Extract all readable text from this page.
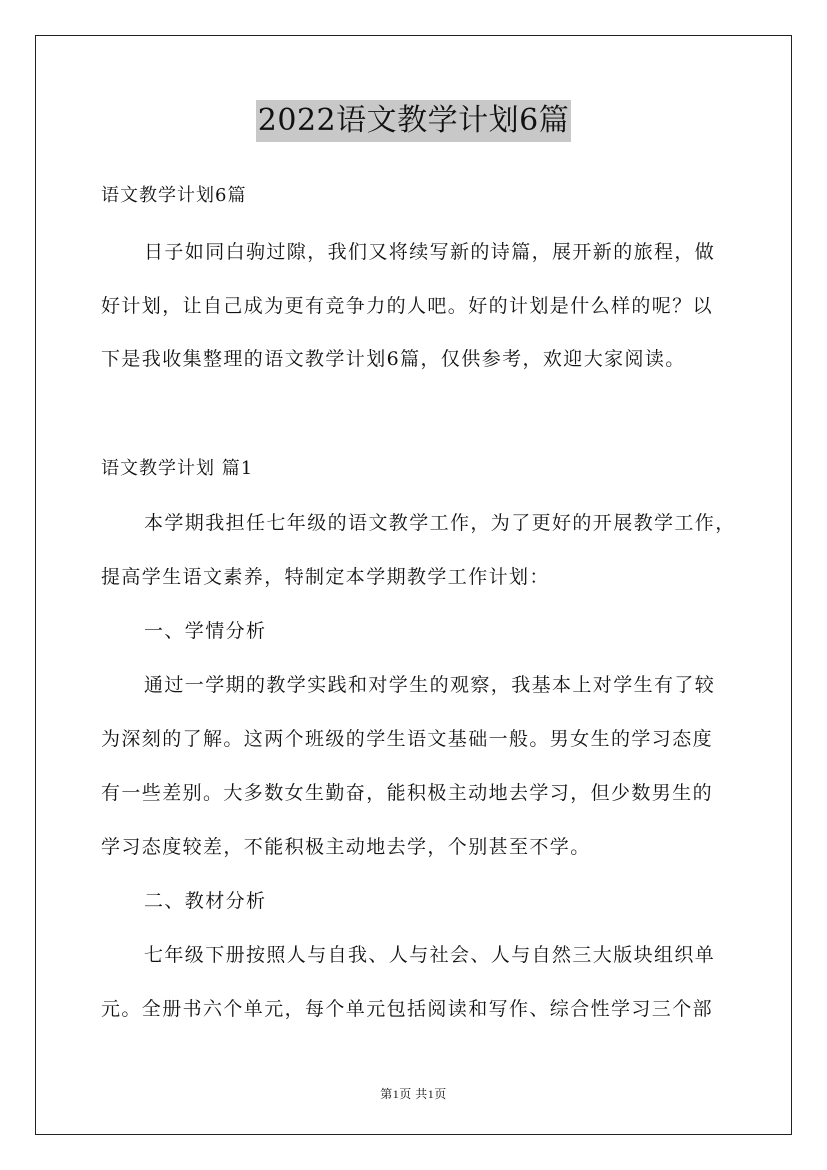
2022语文教学计划6篇
语文教学计划6篇
日子如同白驹过隙，我们又将续写新的诗篇，展开新的旅程，做
好计划，让自己成为更有竞争力的人吧。好的计划是什么样的呢？以
下是我收集整理的语文教学计划6篇，仅供参考，欢迎大家阅读。
语文教学计划 篇1
本学期我担任七年级的语文教学工作，为了更好的开展教学工作，
提高学生语文素养，特制定本学期教学工作计划：
一、学情分析
通过一学期的教学实践和对学生的观察，我基本上对学生有了较
为深刻的了解。这两个班级的学生语文基础一般。男女生的学习态度
有一些差别。大多数女生勤奋，能积极主动地去学习，但少数男生的
学习态度较差，不能积极主动地去学，个别甚至不学。
二、教材分析
七年级下册按照人与自我、人与社会、人与自然三大版块组织单
元。全册书六个单元，每个单元包括阅读和写作、综合性学习三个部
第1页 共1页
